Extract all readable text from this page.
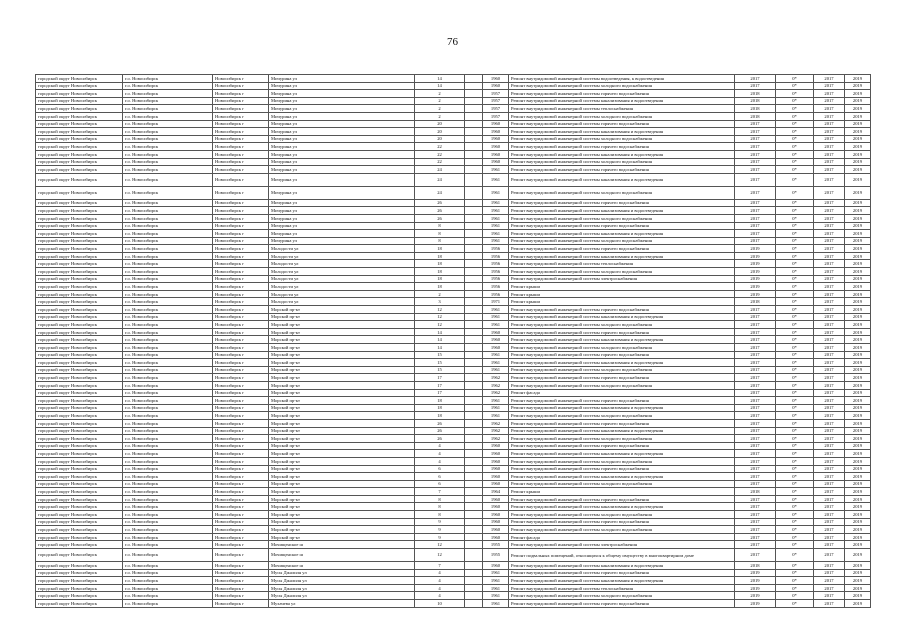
76
городской округ Новосибирск	г.о. Новосибирск	Новосибирск г	Мичурина ул	14		1960	Ремонт внутридомовой инженерной системы водоотведения, к водоотведения	2017	0*	2017	2019
городской округ Новосибирск	г.о. Новосибирск	Новосибирск г	Мичурина ул	14		1960	Ремонт внутридомовой инженерной системы холодного водоснабжения	2017	0*	2017	2019
городской округ Новосибирск	г.о. Новосибирск	Новосибирск г	Мичурина ул	2		1957	Ремонт внутридомовой инженерной системы горячего водоснабжения	2018	0*	2017	2019
городской округ Новосибирск	г.о. Новосибирск	Новосибирск г	Мичурина ул	2		1957	Ремонт внутридомовой инженерной системы канализования и водоотведения	2018	0*	2017	2019
городской округ Новосибирск	г.о. Новосибирск	Новосибирск г	Мичурина ул	2		1957	Ремонт внутридомовой инженерной системы теплоснабжения	2018	0*	2017	2019
городской округ Новосибирск	г.о. Новосибирск	Новосибирск г	Мичурина ул	2		1957	Ремонт внутридомовой инженерной системы холодного водоснабжения	2018	0*	2017	2019
городской округ Новосибирск	г.о. Новосибирск	Новосибирск г	Мичурина ул	20		1960	Ремонт внутридомовой инженерной системы горячего водоснабжения	2017	0*	2017	2019
городской округ Новосибирск	г.о. Новосибирск	Новосибирск г	Мичурина ул	20		1960	Ремонт внутридомовой инженерной системы канализования и водоотведения	2017	0*	2017	2019
городской округ Новосибирск	г.о. Новосибирск	Новосибирск г	Мичурина ул	20		1960	Ремонт внутридомовой инженерной системы холодного водоснабжения	2017	0*	2017	2019
городской округ Новосибирск	г.о. Новосибирск	Новосибирск г	Мичурина ул	22		1960	Ремонт внутридомовой инженерной системы горячего водоснабжения	2017	0*	2017	2019
городской округ Новосибирск	г.о. Новосибирск	Новосибирск г	Мичурина ул	22		1960	Ремонт внутридомовой инженерной системы канализования и водоотведения	2017	0*	2017	2019
городской округ Новосибирск	г.о. Новосибирск	Новосибирск г	Мичурина ул	22		1960	Ремонт внутридомовой инженерной системы холодного водоснабжения	2017	0*	2017	2019
городской округ Новосибирск	г.о. Новосибирск	Новосибирск г	Мичурина ул	24		1961	Ремонт внутридомовой инженерной системы горячего водоснабжения	2017	0*	2017	2019
городской округ Новосибирск	г.о. Новосибирск	Новосибирск г	Мичурина ул	24		1961	Ремонт внутридомовой инженерной системы канализования и водоотведения	2017	0*	2017	2019
городской округ Новосибирск	г.о. Новосибирск	Новосибирск г	Мичурина ул	24		1961	Ремонт внутридомовой инженерной системы холодного водоснабжения	2017	0*	2017	2019
городской округ Новосибирск	г.о. Новосибирск	Новосибирск г	Мичурина ул	26		1961	Ремонт внутридомовой инженерной системы горячего водоснабжения	2017	0*	2017	2019
городской округ Новосибирск	г.о. Новосибирск	Новосибирск г	Мичурина ул	26		1961	Ремонт внутридомовой инженерной системы канализования и водоотведения	2017	0*	2017	2019
городской округ Новосибирск	г.о. Новосибирск	Новосибирск г	Мичурина ул	26		1961	Ремонт внутридомовой инженерной системы холодного водоснабжения	2017	0*	2017	2019
городской округ Новосибирск	г.о. Новосибирск	Новосибирск г	Мичурина ул	8		1961	Ремонт внутридомовой инженерной системы горячего водоснабжения	2017	0*	2017	2019
городской округ Новосибирск	г.о. Новосибирск	Новосибирск г	Мичурина ул	8		1961	Ремонт внутридомовой инженерной системы канализования и водоотведения	2017	0*	2017	2019
городской округ Новосибирск	г.о. Новосибирск	Новосибирск г	Мичурина ул	8		1961	Ремонт внутридомовой инженерной системы холодного водоснабжения	2017	0*	2017	2019
городской округ Новосибирск	г.о. Новосибирск	Новосибирск г	Молодости ул	18		1956	Ремонт внутридомовой инженерной системы горячего водоснабжения	2019	0*	2017	2019
городской округ Новосибирск	г.о. Новосибирск	Новосибирск г	Молодости ул	18		1956	Ремонт внутридомовой инженерной системы канализования и водоотведения	2019	0*	2017	2019
городской округ Новосибирск	г.о. Новосибирск	Новосибирск г	Молодости ул	18		1956	Ремонт внутридомовой инженерной системы теплоснабжения	2019	0*	2017	2019
городской округ Новосибирск	г.о. Новосибирск	Новосибирск г	Молодости ул	18		1956	Ремонт внутридомовой инженерной системы холодного водоснабжения	2019	0*	2017	2019
городской округ Новосибирск	г.о. Новосибирск	Новосибирск г	Молодости ул	18		1956	Ремонт внутридомовой инженерной системы электроснабжения	2019	0*	2017	2019
городской округ Новосибирск	г.о. Новосибирск	Новосибирск г	Молодости ул	18		1956	Ремонт крыши	2019	0*	2017	2019
городской округ Новосибирск	г.о. Новосибирск	Новосибирск г	Молодости ул	2		1956	Ремонт крыши	2019	0*	2017	2019
городской округ Новосибирск	г.о. Новосибирск	Новосибирск г	Молодости ул	3		1971	Ремонт крыши	2018	0*	2017	2019
городской округ Новосибирск	г.о. Новосибирск	Новосибирск г	Морской пр-кт	12		1961	Ремонт внутридомовой инженерной системы горячего водоснабжения	2017	0*	2017	2019
городской округ Новосибирск	г.о. Новосибирск	Новосибирск г	Морской пр-кт	12		1961	Ремонт внутридомовой инженерной системы канализования и водоотведения	2017	0*	2017	2019
городской округ Новосибирск	г.о. Новосибирск	Новосибирск г	Морской пр-кт	12		1961	Ремонт внутридомовой инженерной системы холодного водоснабжения	2017	0*	2017	2019
городской округ Новосибирск	г.о. Новосибирск	Новосибирск г	Морской пр-кт	14		1960	Ремонт внутридомовой инженерной системы горячего водоснабжения	2017	0*	2017	2019
городской округ Новосибирск	г.о. Новосибирск	Новосибирск г	Морской пр-кт	14		1960	Ремонт внутридомовой инженерной системы канализования и водоотведения	2017	0*	2017	2019
городской округ Новосибирск	г.о. Новосибирск	Новосибирск г	Морской пр-кт	14		1960	Ремонт внутридомовой инженерной системы холодного водоснабжения	2017	0*	2017	2019
городской округ Новосибирск	г.о. Новосибирск	Новосибирск г	Морской пр-кт	15		1961	Ремонт внутридомовой инженерной системы горячего водоснабжения	2017	0*	2017	2019
городской округ Новосибирск	г.о. Новосибирск	Новосибирск г	Морской пр-кт	15		1961	Ремонт внутридомовой инженерной системы канализования и водоотведения	2017	0*	2017	2019
городской округ Новосибирск	г.о. Новосибирск	Новосибирск г	Морской пр-кт	15		1961	Ремонт внутридомовой инженерной системы холодного водоснабжения	2017	0*	2017	2019
городской округ Новосибирск	г.о. Новосибирск	Новосибирск г	Морской пр-кт	17		1962	Ремонт внутридомовой инженерной системы горячего водоснабжения	2017	0*	2017	2019
городской округ Новосибирск	г.о. Новосибирск	Новосибирск г	Морской пр-кт	17		1962	Ремонт внутридомовой инженерной системы холодного водоснабжения	2017	0*	2017	2019
городской округ Новосибирск	г.о. Новосибирск	Новосибирск г	Морской пр-кт	17		1962	Ремонт фасада	2017	0*	2017	2019
городской округ Новосибирск	г.о. Новосибирск	Новосибирск г	Морской пр-кт	18		1961	Ремонт внутридомовой инженерной системы горячего водоснабжения	2017	0*	2017	2019
городской округ Новосибирск	г.о. Новосибирск	Новосибирск г	Морской пр-кт	18		1961	Ремонт внутридомовой инженерной системы канализования и водоотведения	2017	0*	2017	2019
городской округ Новосибирск	г.о. Новосибирск	Новосибирск г	Морской пр-кт	18		1961	Ремонт внутридомовой инженерной системы холодного водоснабжения	2017	0*	2017	2019
городской округ Новосибирск	г.о. Новосибирск	Новосибирск г	Морской пр-кт	26		1962	Ремонт внутридомовой инженерной системы горячего водоснабжения	2017	0*	2017	2019
городской округ Новосибирск	г.о. Новосибирск	Новосибирск г	Морской пр-кт	26		1962	Ремонт внутридомовой инженерной системы канализования и водоотведения	2017	0*	2017	2019
городской округ Новосибирск	г.о. Новосибирск	Новосибирск г	Морской пр-кт	26		1962	Ремонт внутридомовой инженерной системы холодного водоснабжения	2017	0*	2017	2019
городской округ Новосибирск	г.о. Новосибирск	Новосибирск г	Морской пр-кт	4		1960	Ремонт внутридомовой инженерной системы горячего водоснабжения	2017	0*	2017	2019
городской округ Новосибирск	г.о. Новосибирск	Новосибирск г	Морской пр-кт	4		1960	Ремонт внутридомовой инженерной системы канализования и водоотведения	2017	0*	2017	2019
городской округ Новосибирск	г.о. Новосибирск	Новосибирск г	Морской пр-кт	4		1960	Ремонт внутридомовой инженерной системы холодного водоснабжения	2017	0*	2017	2019
городской округ Новосибирск	г.о. Новосибирск	Новосибирск г	Морской пр-кт	6		1960	Ремонт внутридомовой инженерной системы горячего водоснабжения	2017	0*	2017	2019
городской округ Новосибирск	г.о. Новосибирск	Новосибирск г	Морской пр-кт	6		1960	Ремонт внутридомовой инженерной системы канализования и водоотведения	2017	0*	2017	2019
городской округ Новосибирск	г.о. Новосибирск	Новосибирск г	Морской пр-кт	6		1960	Ремонт внутридомовой инженерной системы холодного водоснабжения	2017	0*	2017	2019
городской округ Новосибирск	г.о. Новосибирск	Новосибирск г	Морской пр-кт	7		1964	Ремонт крыши	2018	0*	2017	2019
городской округ Новосибирск	г.о. Новосибирск	Новосибирск г	Морской пр-кт	8		1960	Ремонт внутридомовой инженерной системы горячего водоснабжения	2017	0*	2017	2019
городской округ Новосибирск	г.о. Новосибирск	Новосибирск г	Морской пр-кт	8		1960	Ремонт внутридомовой инженерной системы канализования и водоотведения	2017	0*	2017	2019
городской округ Новосибирск	г.о. Новосибирск	Новосибирск г	Морской пр-кт	8		1960	Ремонт внутридомовой инженерной системы холодного водоснабжения	2017	0*	2017	2019
городской округ Новосибирск	г.о. Новосибирск	Новосибирск г	Морской пр-кт	9		1960	Ремонт внутридомовой инженерной системы горячего водоснабжения	2017	0*	2017	2019
городской округ Новосибирск	г.о. Новосибирск	Новосибирск г	Морской пр-кт	9		1960	Ремонт внутридомовой инженерной системы холодного водоснабжения	2017	0*	2017	2019
городской округ Новосибирск	г.о. Новосибирск	Новосибирск г	Морской пр-кт	9		1960	Ремонт фасада	2017	0*	2017	2019
городской округ Новосибирск	г.о. Новосибирск	Новосибирск г	Мочищенское ш	12		1955	Ремонт внутридомовой инженерной системы электроснабжения	2017	0*	2017	2019
городской округ Новосибирск	г.о. Новосибирск	Новосибирск г	Мочищенское ш	12		1955	Ремонт подвальных помещений, относящихся к общему имуществу в многоквартирном доме	2017	0*	2017	2019
городской округ Новосибирск	г.о. Новосибирск	Новосибирск г	Мочищенское ш	7		1960	Ремонт внутридомовой инженерной системы канализования и водоотведения	2018	0*	2017	2019
городской округ Новосибирск	г.о. Новосибирск	Новосибирск г	Мусы Джалиля ул	4		1961	Ремонт внутридомовой инженерной системы горячего водоснабжения	2019	0*	2017	2019
городской округ Новосибирск	г.о. Новосибирск	Новосибирск г	Мусы Джалиля ул	4		1961	Ремонт внутридомовой инженерной системы канализования и водоотведения	2019	0*	2017	2019
городской округ Новосибирск	г.о. Новосибирск	Новосибирск г	Мусы Джалиля ул	4		1961	Ремонт внутридомовой инженерной системы теплоснабжения	2019	0*	2017	2019
городской округ Новосибирск	г.о. Новосибирск	Новосибирск г	Мусы Джалиля ул	4		1961	Ремонт внутридомовой инженерной системы холодного водоснабжения	2019	0*	2017	2019
городской округ Новосибирск	г.о. Новосибирск	Новосибирск г	Мухачева ул	10		1961	Ремонт внутридомовой инженерной системы горячего водоснабжения	2019	0*	2017	2019
